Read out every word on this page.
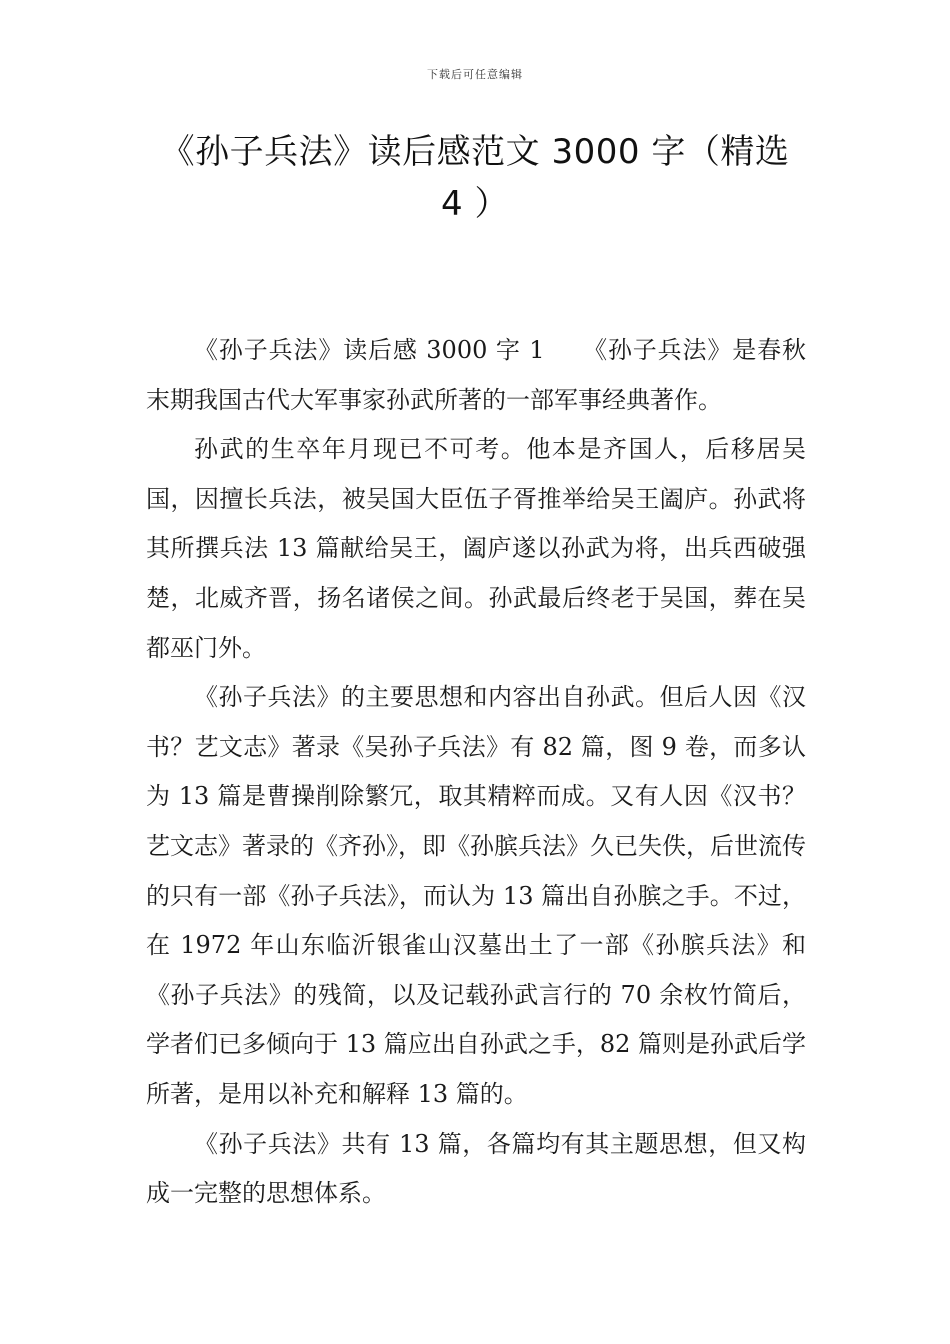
下载后可任意编辑
《孙子兵法》读后感范文 3000 字（精选 4 ）

《孙子兵法》读后感 3000 字 1　　《孙子兵法》是春秋末期我国古代大军事家孙武所著的一部军事经典著作。

孙武的生卒年月现已不可考。他本是齐国人，后移居吴国，因擅长兵法，被吴国大臣伍子胥推举给吴王阖庐。孙武将其所撰兵法 13 篇献给吴王，阖庐遂以孙武为将，出兵西破强楚，北威齐晋，扬名诸侯之间。孙武最后终老于吴国，葬在吴都巫门外。

《孙子兵法》的主要思想和内容出自孙武。但后人因《汉书？艺文志》著录《吴孙子兵法》有 82 篇，图 9 卷，而多认为 13 篇是曹操削除繁冗，取其精粹而成。又有人因《汉书？艺文志》著录的《齐孙》，即《孙膑兵法》久已失佚，后世流传的只有一部《孙子兵法》，而认为 13 篇出自孙膑之手。不过，在 1972 年山东临沂银雀山汉墓出土了一部《孙膑兵法》和《孙子兵法》的残简，以及记载孙武言行的 70 余枚竹简后，学者们已多倾向于 13 篇应出自孙武之手，82 篇则是孙武后学所著，是用以补充和解释 13 篇的。

《孙子兵法》共有 13 篇，各篇均有其主题思想，但又构成一完整的思想体系。
